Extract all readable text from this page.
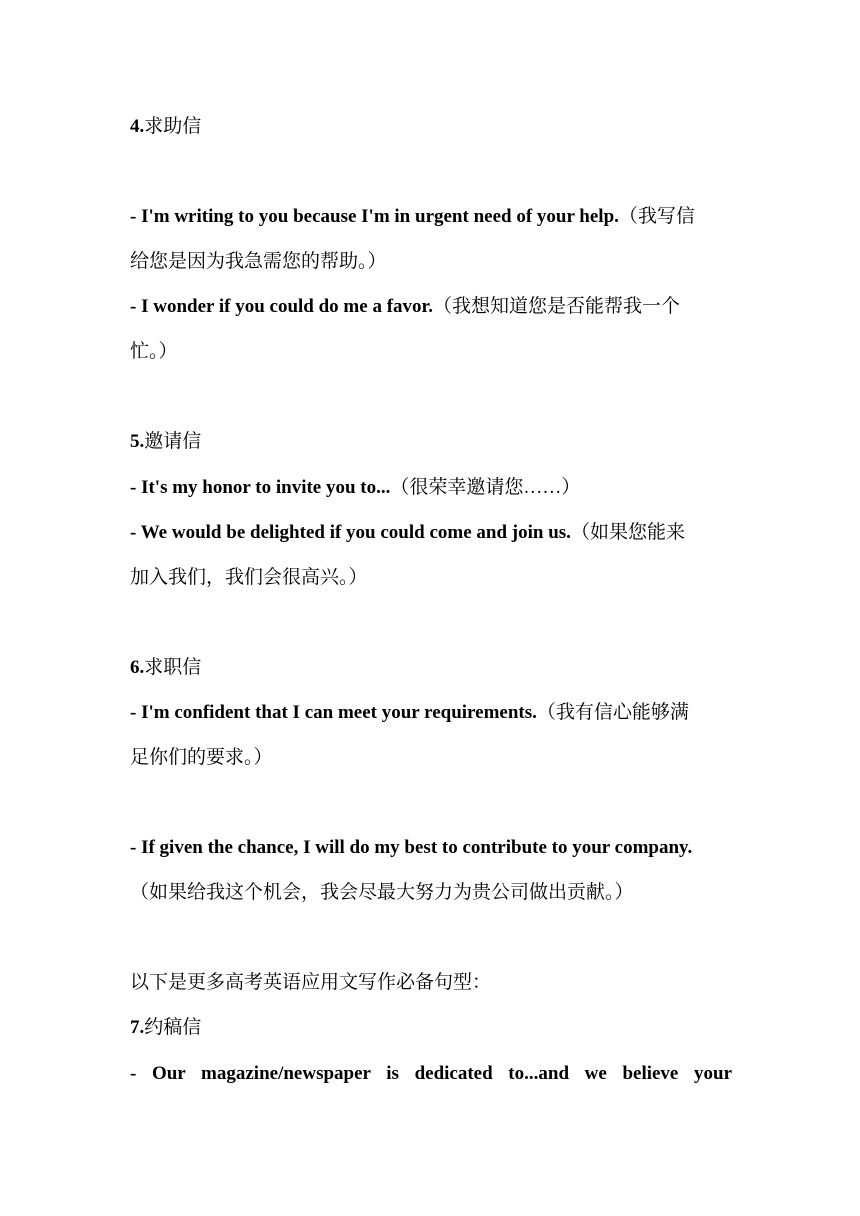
4.求助信
- I'm writing to you because I'm in urgent need of your help.（我写信
给您是因为我急需您的帮助。）
- I wonder if you could do me a favor.（我想知道您是否能帮我一个
忙。）
5.邀请信
- It's my honor to invite you to...（很荣幸邀请您……）
- We would be delighted if you could come and join us.（如果您能来
加入我们，我们会很高兴。）
6.求职信
- I'm confident that I can meet your requirements.（我有信心能够满
足你们的要求。）
- If given the chance, I will do my best to contribute to your company.
（如果给我这个机会，我会尽最大努力为贵公司做出贡献。）
以下是更多高考英语应用文写作必备句型：
7.约稿信
- Our magazine/newspaper is dedicated to...and we believe your
